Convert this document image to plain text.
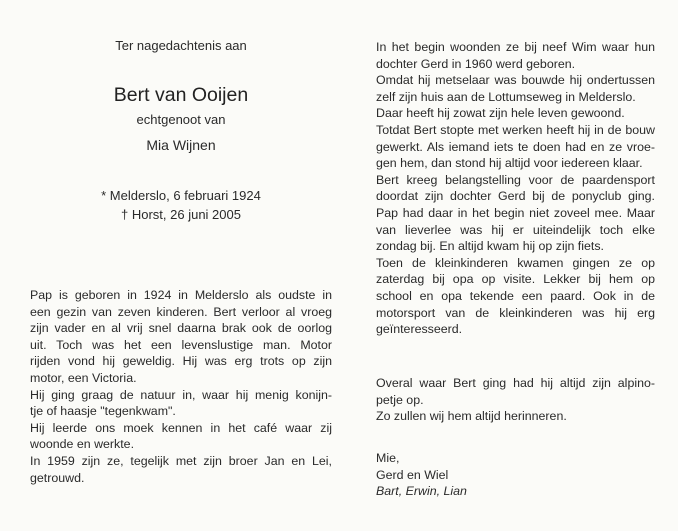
Ter nagedachtenis aan
Bert van Ooijen
echtgenoot van
Mia Wijnen
* Melderslo, 6 februari 1924
† Horst, 26 juni 2005
Pap is geboren in 1924 in Melderslo als oudste in
een gezin van zeven kinderen. Bert verloor al vroeg
zijn vader en al vrij snel daarna brak ook de oorlog
uit. Toch was het een levenslustige man. Motor
rijden vond hij geweldig. Hij was erg trots op zijn
motor, een Victoria.
Hij ging graag de natuur in, waar hij menig konijn-
tje of haasje "tegenkwam".
Hij leerde ons moek kennen in het café waar zij
woonde en werkte.
In 1959 zijn ze, tegelijk met zijn broer Jan en Lei,
getrouwd.
In het begin woonden ze bij neef Wim waar hun
dochter Gerd in 1960 werd geboren.
Omdat hij metselaar was bouwde hij ondertussen
zelf zijn huis aan de Lottumseweg in Melderslo.
Daar heeft hij zowat zijn hele leven gewoond.
Totdat Bert stopte met werken heeft hij in de bouw
gewerkt. Als iemand iets te doen had en ze vroe-
gen hem, dan stond hij altijd voor iedereen klaar.
Bert kreeg belangstelling voor de paardensport
doordat zijn dochter Gerd bij de ponyclub ging.
Pap had daar in het begin niet zoveel mee. Maar
van lieverlee was hij er uiteindelijk toch elke
zondag bij. En altijd kwam hij op zijn fiets.
Toen de kleinkinderen kwamen gingen ze op
zaterdag bij opa op visite. Lekker bij hem op
school en opa tekende een paard. Ook in de
motorsport van de kleinkinderen was hij erg
geïnteresseerd.
Overal waar Bert ging had hij altijd zijn alpino-
petje op.
Zo zullen wij hem altijd herinneren.
Mie,
Gerd en Wiel
Bart, Erwin, Lian
